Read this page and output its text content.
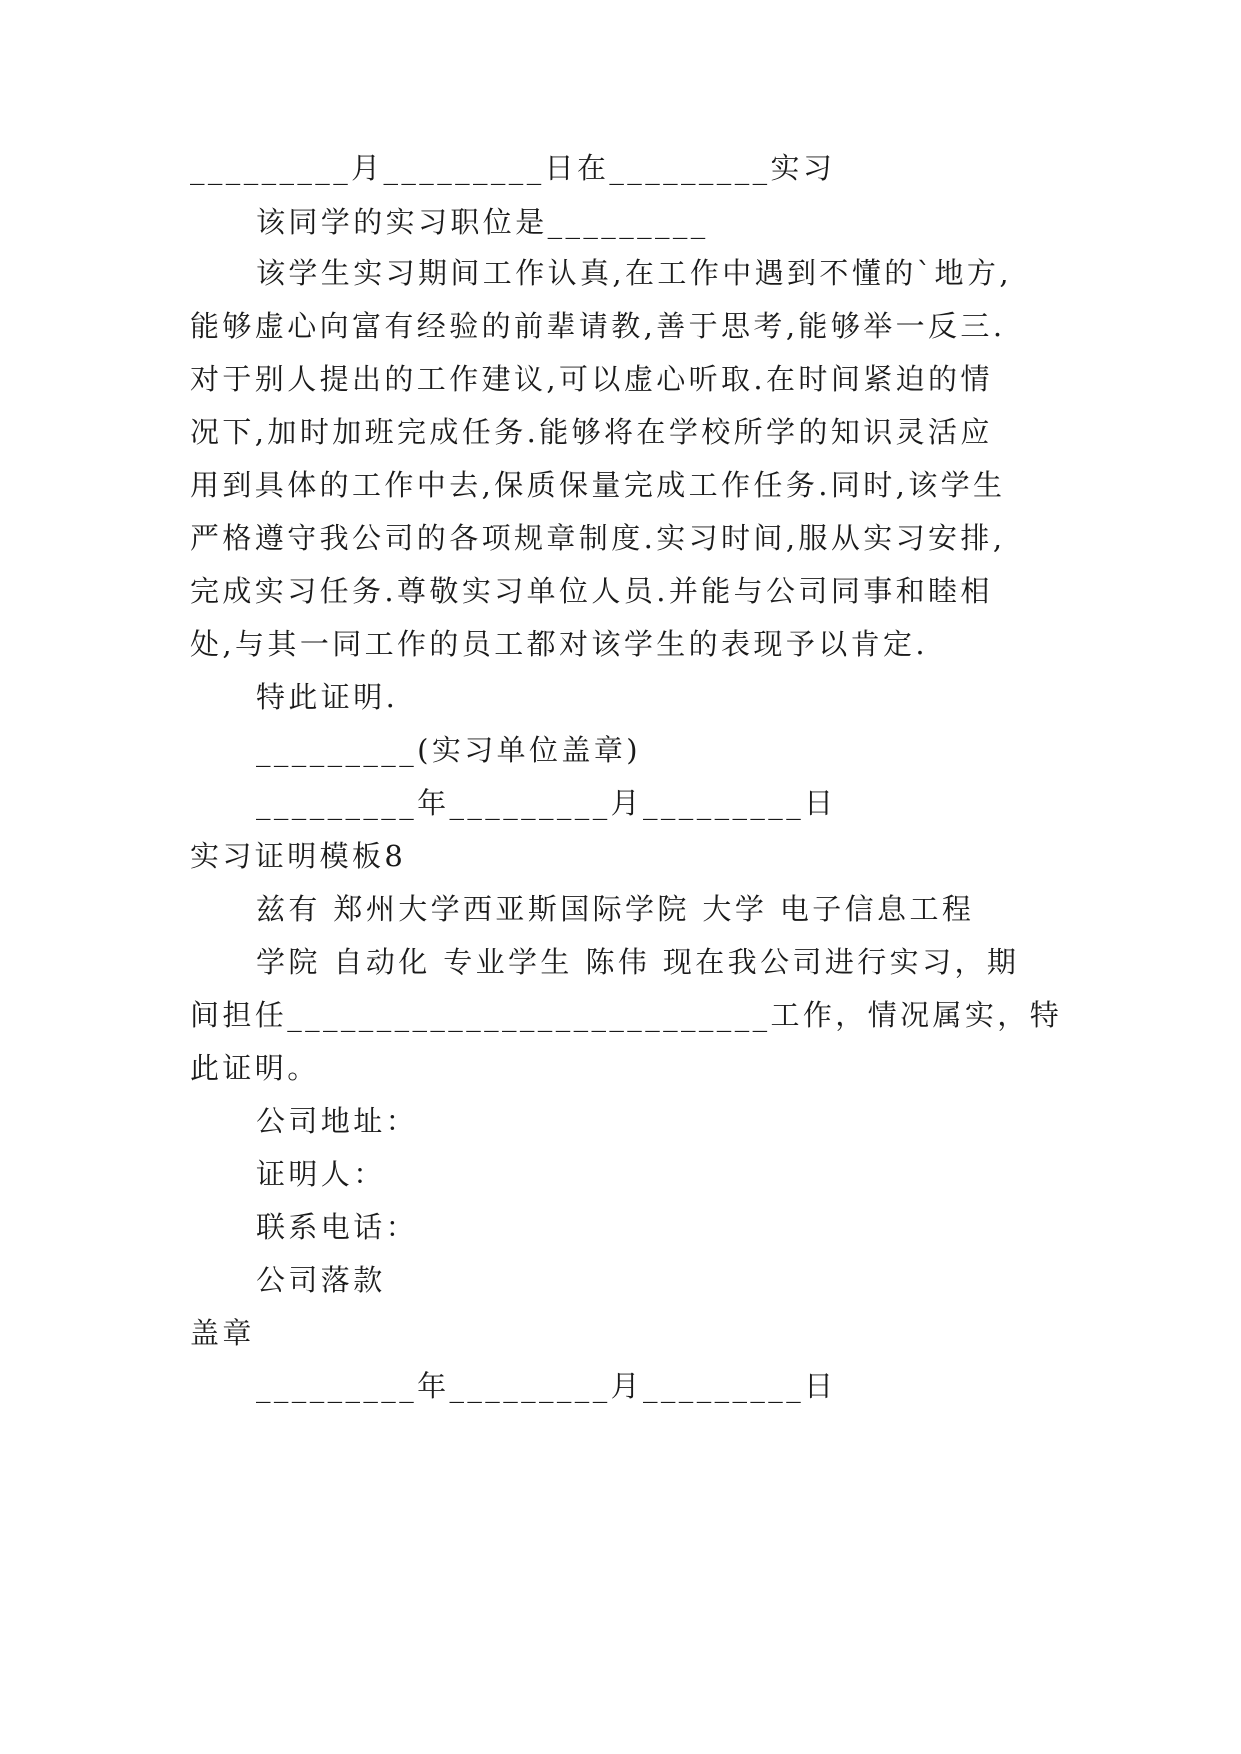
_________月_________日在_________实习
该同学的实习职位是_________
该学生实习期间工作认真,在工作中遇到不懂的`地方,
能够虚心向富有经验的前辈请教,善于思考,能够举一反三.
对于别人提出的工作建议,可以虚心听取.在时间紧迫的情
况下,加时加班完成任务.能够将在学校所学的知识灵活应
用到具体的工作中去,保质保量完成工作任务.同时,该学生
严格遵守我公司的各项规章制度.实习时间,服从实习安排,
完成实习任务.尊敬实习单位人员.并能与公司同事和睦相
处,与其一同工作的员工都对该学生的表现予以肯定.
特此证明.
_________(实习单位盖章)
_________年_________月_________日
实习证明模板8
兹有 郑州大学西亚斯国际学院 大学 电子信息工程
学院 自动化 专业学生 陈伟 现在我公司进行实习，期
间担任___________________________工作，情况属实，特
此证明。
公司地址：
证明人：
联系电话：
公司落款
盖章
_________年_________月_________日
